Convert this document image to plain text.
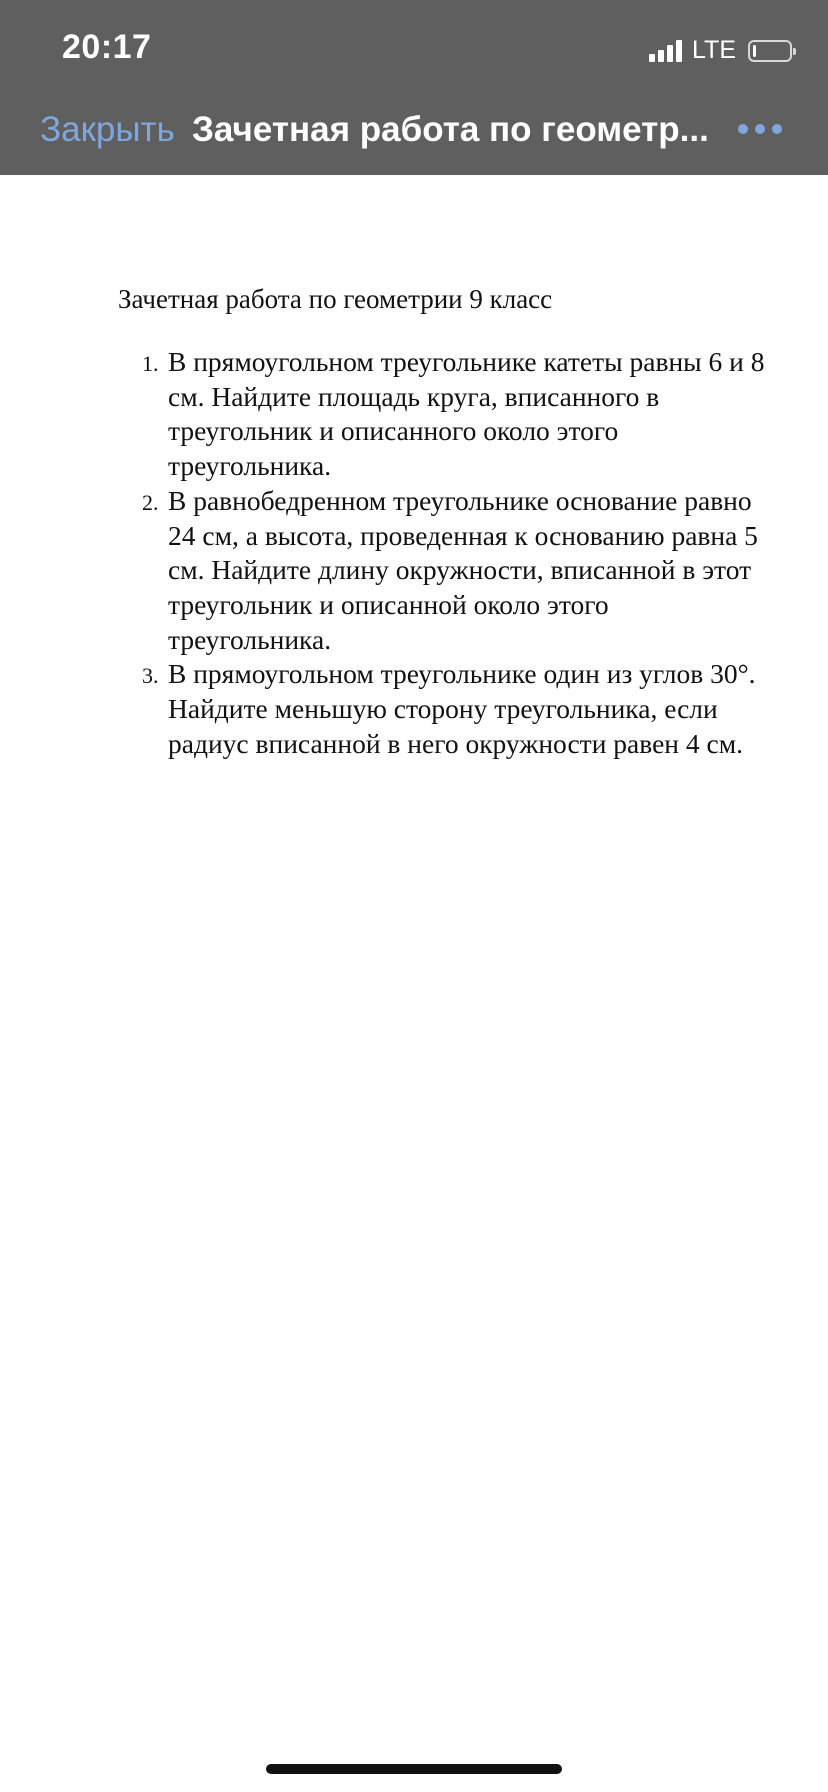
20:17	LTE
Закрыть Зачетная работа по геометр...
Зачетная работа по геометрии 9 класс
1. В прямоугольном треугольнике катеты равны 6 и 8 см. Найдите площадь круга, вписанного в треугольник и описанного около этого треугольника.
2. В равнобедренном треугольнике основание равно 24 см, а высота, проведенная к основанию равна 5 см. Найдите длину окружности, вписанной в этот треугольник и описанной около этого треугольника.
3. В прямоугольном треугольнике один из углов 30°. Найдите меньшую сторону треугольника, если радиус вписанной в него окружности равен 4 см.
